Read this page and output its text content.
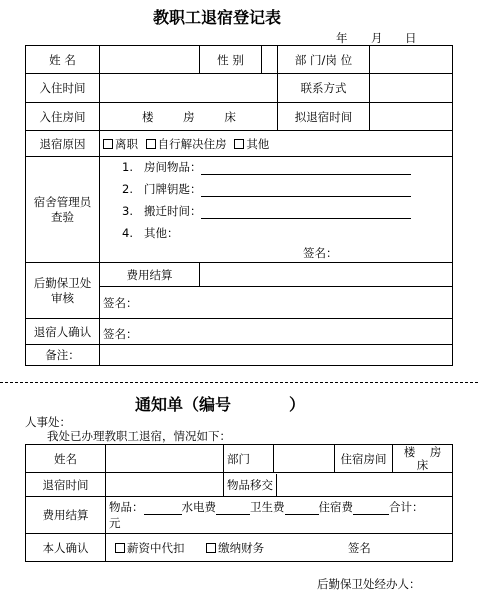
教职工退宿登记表
年 月 日
姓 名		性 别		部 门/岗 位	
入住时间				联系方式	
入住房间	楼 房 床			拟退宿时间	
退宿原因	离职 自行解决住房 其他				
宿舍管理员查验	1. 房间物品：
2. 门牌钥匙：
3. 搬迁时间：
4. 其他：
签名：				

后勤保卫处审核	费用结算				
	签名：				
退宿人确认	签名：				
备注：					
通知单（编号	）
人事处：
我处已办理教职工退宿，情况如下：
姓名		部门		住宿房间	楼 房
床
退宿时间		物品移交			
费用结算	物品： 水电费 卫生费 住宿费 合计：
元				
本人确认	薪资中代扣 缴纳财务 签名				
后勤保卫处经办人：
